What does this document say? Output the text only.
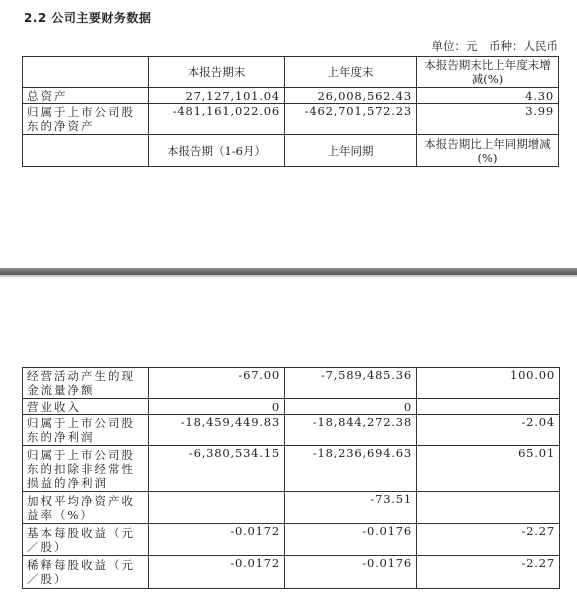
2.2 公司主要财务数据
单位：元　币种：人民币
	本报告期末	上年度末	本报告期末比上年度末增减(%)
总资产	27,127,101.04	26,008,562.43	4.30
归属于上市公司股东的净资产	-481,161,022.06	-462,701,572.23	3.99
	本报告期（1-6月）	上年同期	本报告期比上年同期增减(%)
经营活动产生的现金流量净额	-67.00	-7,589,485.36	100.00
营业收入	0	0	
归属于上市公司股东的净利润	-18,459,449.83	-18,844,272.38	-2.04
归属于上市公司股东的扣除非经常性损益的净利润	-6,380,534.15	-18,236,694.63	65.01
加权平均净资产收益率（%）		-73.51	
基本每股收益（元／股）	-0.0172	-0.0176	-2.27
稀释每股收益（元／股）	-0.0172	-0.0176	-2.27
